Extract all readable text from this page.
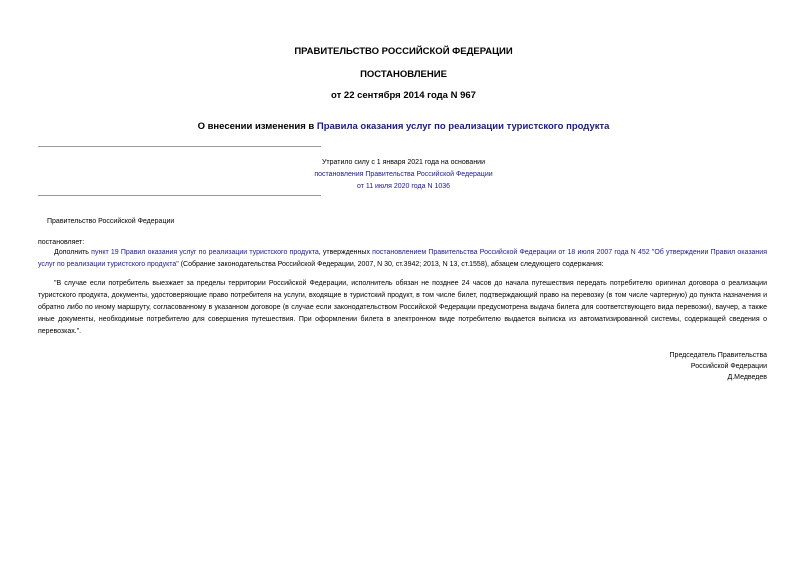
ПРАВИТЕЛЬСТВО РОССИЙСКОЙ ФЕДЕРАЦИИ
ПОСТАНОВЛЕНИЕ
от 22 сентября 2014 года N 967
О внесении изменения в Правила оказания услуг по реализации туристского продукта
Утратило силу с 1 января 2021 года на основании
постановления Правительства Российской Федерации
от 11 июля 2020 года N 1036
Правительство Российской Федерации
постановляет:
Дополнить пункт 19 Правил оказания услуг по реализации туристского продукта, утвержденных постановлением Правительства Российской Федерации от 18 июля 2007 года N 452 "Об утверждении Правил оказания услуг по реализации туристского продукта" (Собрание законодательства Российской Федерации, 2007, N 30, ст.3942; 2013, N 13, ст.1558), абзацем следующего содержания:
"В случае если потребитель выезжает за пределы территории Российской Федерации, исполнитель обязан не позднее 24 часов до начала путешествия передать потребителю оригинал договора о реализации туристского продукта, документы, удостоверяющие право потребителя на услуги, входящие в туристский продукт, в том числе билет, подтверждающий право на перевозку (в том числе чартерную) до пункта назначения и обратно либо по иному маршруту, согласованному в указанном договоре (в случае если законодательством Российской Федерации предусмотрена выдача билета для соответствующего вида перевозки), ваучер, а также иные документы, необходимые потребителю для совершения путешествия. При оформлении билета в электронном виде потребителю выдается выписка из автоматизированной системы, содержащей сведения о перевозках.".
Председатель Правительства
Российской Федерации
Д.Медведев
